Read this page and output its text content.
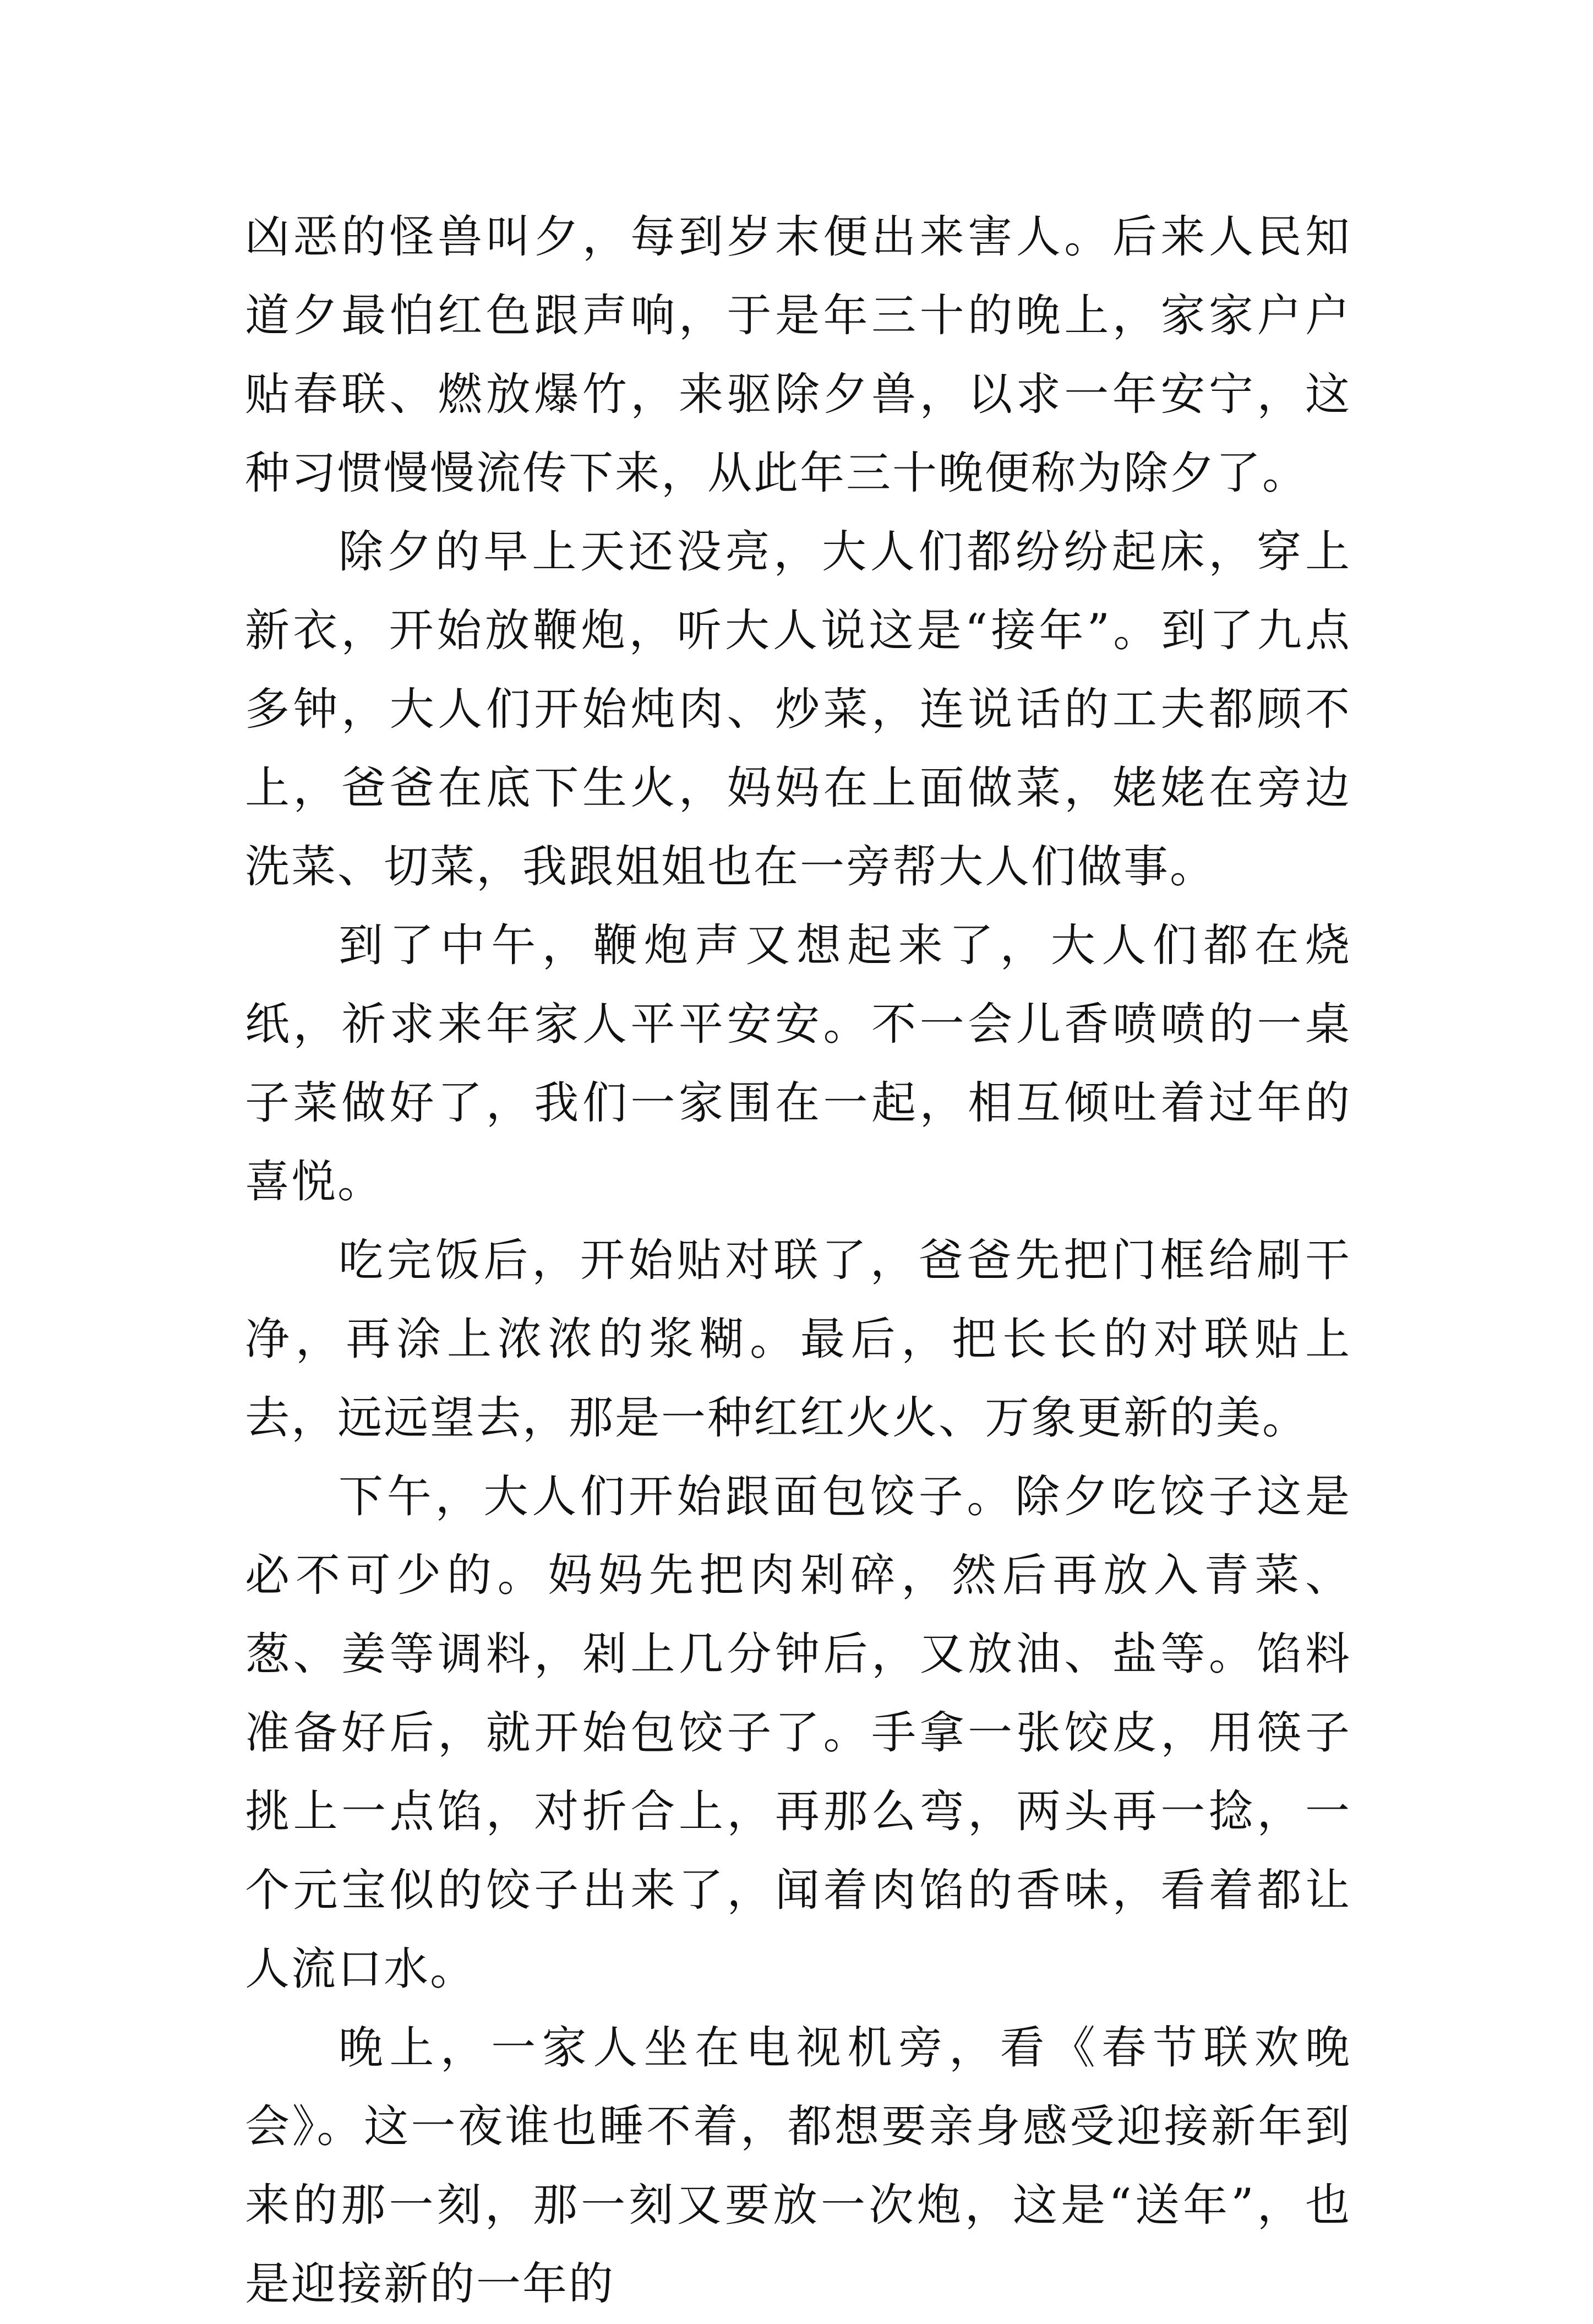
凶恶的怪兽叫夕，每到岁末便出来害人。后来人民知道夕最怕红色跟声响，于是年三十的晚上，家家户户贴春联、燃放爆竹，来驱除夕兽，以求一年安宁，这种习惯慢慢流传下来，从此年三十晚便称为除夕了。

除夕的早上天还没亮，大人们都纷纷起床，穿上新衣，开始放鞭炮，听大人说这是“接年”。到了九点多钟，大人们开始炖肉、炒菜，连说话的工夫都顾不上，爸爸在底下生火，妈妈在上面做菜，姥姥在旁边洗菜、切菜，我跟姐姐也在一旁帮大人们做事。

到了中午，鞭炮声又想起来了，大人们都在烧纸，祈求来年家人平平安安。不一会儿香喷喷的一桌子菜做好了，我们一家围在一起，相互倾吐着过年的喜悦。

吃完饭后，开始贴对联了，爸爸先把门框给刷干净，再涂上浓浓的浆糊。最后，把长长的对联贴上去，远远望去，那是一种红红火火、万象更新的美。

下午，大人们开始跟面包饺子。除夕吃饺子这是必不可少的。妈妈先把肉剁碎，然后再放入青菜、葱、姜等调料，剁上几分钟后，又放油、盐等。馅料准备好后，就开始包饺子了。手拿一张饺皮，用筷子挑上一点馅，对折合上，再那么弯，两头再一捻，一个元宝似的饺子出来了，闻着肉馅的香味，看着都让人流口水。

晚上，一家人坐在电视机旁，看《春节联欢晚会》。这一夜谁也睡不着，都想要亲身感受迎接新年到来的那一刻，那一刻又要放一次炮，这是“送年”，也是迎接新的一年的
